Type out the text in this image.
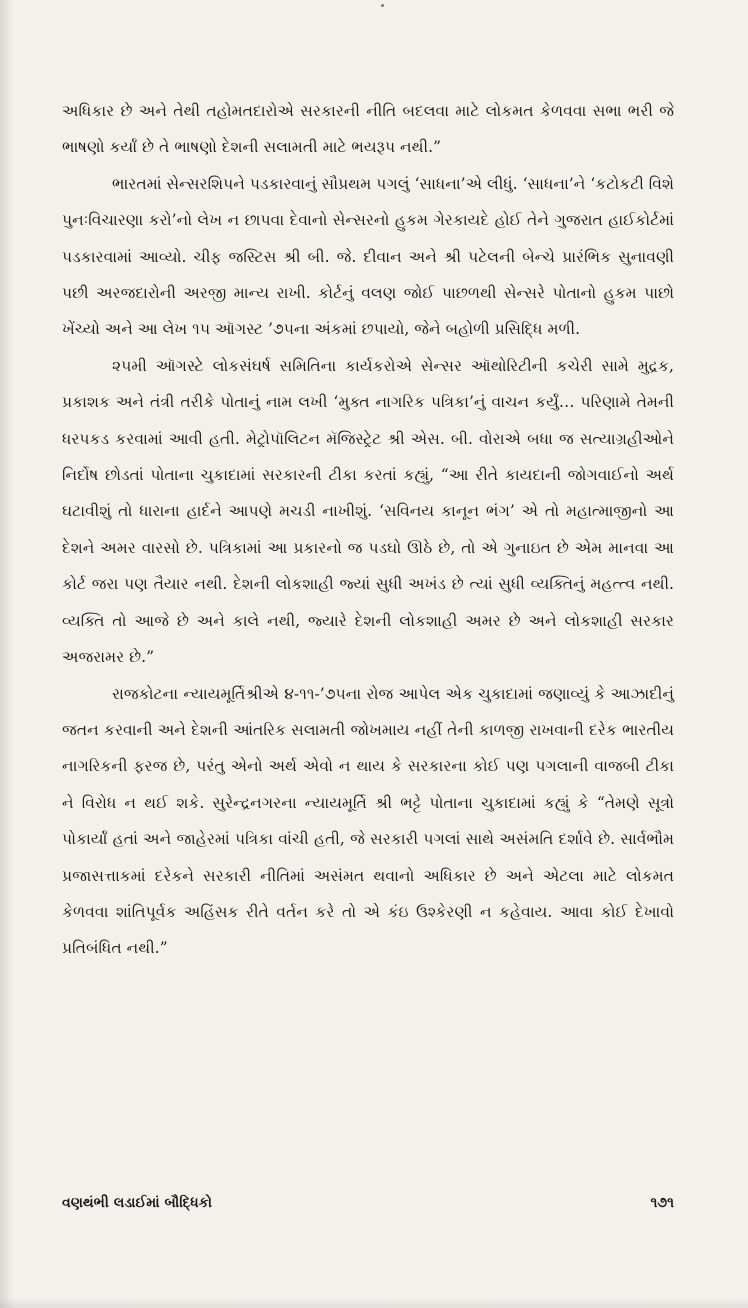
અધિકાર છે અને તેથી તહોમતદારોએ સરકારની નીતિ બદલવા માટે લોકમત કેળવવા સભા ભરી જે ભાષણો કર્યાં છે તે ભાષણો દેશની સલામતી માટે ભયરૂપ નથી.”

ભારતમાં સેન્સરશિપને પડકારવાનું સૌપ્રથમ પગલું ‘સાધના’એ લીધું. ‘સાધના’ને ‘કટોકટી વિશે પુનઃવિચારણા કરો’નો લેખ ન છાપવા દેવાનો સેન્સરનો હુકમ ગેરકાયદે હોઈ તેને ગુજરાત હાઈકોર્ટમાં પડકારવામાં આવ્યો. ચીફ જસ્ટિસ શ્રી બી. જે. દીવાન અને શ્રી પટેલની બેન્ચે પ્રારંભિક સુનાવણી પછી અરજદારોની અરજી માન્ય રાખી. કોર્ટનું વલણ જોઈ પાછળથી સેન્સરે પોતાનો હુકમ પાછો ખેંચ્યો અને આ લેખ ૧૫ ઑગસ્ટ ’૭૫ના અંકમાં છપાયો, જેને બહોળી પ્રસિદ્ધિ મળી.

૨૫મી ઑગસ્ટે લોકસંઘર્ષ સમિતિના કાર્યકરોએ સેન્સર ઑથોરિટીની કચેરી સામે મુદ્રક, પ્રકાશક અને તંત્રી તરીકે પોતાનું નામ લખી ‘મુક્ત નાગરિક પત્રિકા’નું વાચન કર્યું… પરિણામે તેમની ધરપકડ કરવામાં આવી હતી. મેટ્રોપૉલિટન મૅજિસ્ટ્રેટ શ્રી એસ. બી. વોરાએ બધા જ સત્યાગ્રહીઓને નિર્દોષ છોડતાં પોતાના ચુકાદામાં સરકારની ટીકા કરતાં કહ્યું, “આ રીતે કાયદાની જોગવાઈનો અર્થ ઘટાવીશું તો ધારાના હાર્દને આપણે મચડી નાખીશું. ‘સવિનય કાનૂન ભંગ’ એ તો મહાત્માજીનો આ દેશને અમર વારસો છે. પત્રિકામાં આ પ્રકારનો જ પડઘો ઊઠે છે, તો એ ગુનાઇત છે એમ માનવા આ કોર્ટ જરા પણ તૈયાર નથી. દેશની લોકશાહી જ્યાં સુધી અખંડ છે ત્યાં સુધી વ્યક્તિનું મહત્ત્વ નથી. વ્યક્તિ તો આજે છે અને કાલે નથી, જ્યારે દેશની લોકશાહી અમર છે અને લોકશાહી સરકાર અજરામર છે.”

રાજકોટના ન્યાયમૂર્તિશ્રીએ ૪-૧૧-’૭૫ના રોજ આપેલ એક ચુકાદામાં જણાવ્યું કે આઝાદીનું જતન કરવાની અને દેશની આંતરિક સલામતી જોખમાય નહીં તેની કાળજી રાખવાની દરેક ભારતીય નાગરિકની ફરજ છે, પરંતુ એનો અર્થ એવો ન થાય કે સરકારના કોઈ પણ પગલાની વાજબી ટીકા ને વિરોધ ન થઈ શકે. સુરેન્દ્રનગરના ન્યાયમૂર્તિ શ્રી ભટ્ટે પોતાના ચુકાદામાં કહ્યું કે “તેમણે સૂત્રો પોકાર્યાં હતાં અને જાહેરમાં પત્રિકા વાંચી હતી, જે સરકારી પગલાં સાથે અસંમતિ દર્શાવે છે. સાર્વભૌમ પ્રજાસત્તાકમાં દરેકને સરકારી નીતિમાં અસંમત થવાનો અધિકાર છે અને એટલા માટે લોકમત કેળવવા શાંતિપૂર્વક અહિંસક રીતે વર્તન કરે તો એ કંઇ ઉશ્કેરણી ન કહેવાય. આવા કોઈ દેખાવો પ્રતિબંધિત નથી.”

વણથંભી લડાઈમાં બૌદ્ધિકો	૧૭૧
